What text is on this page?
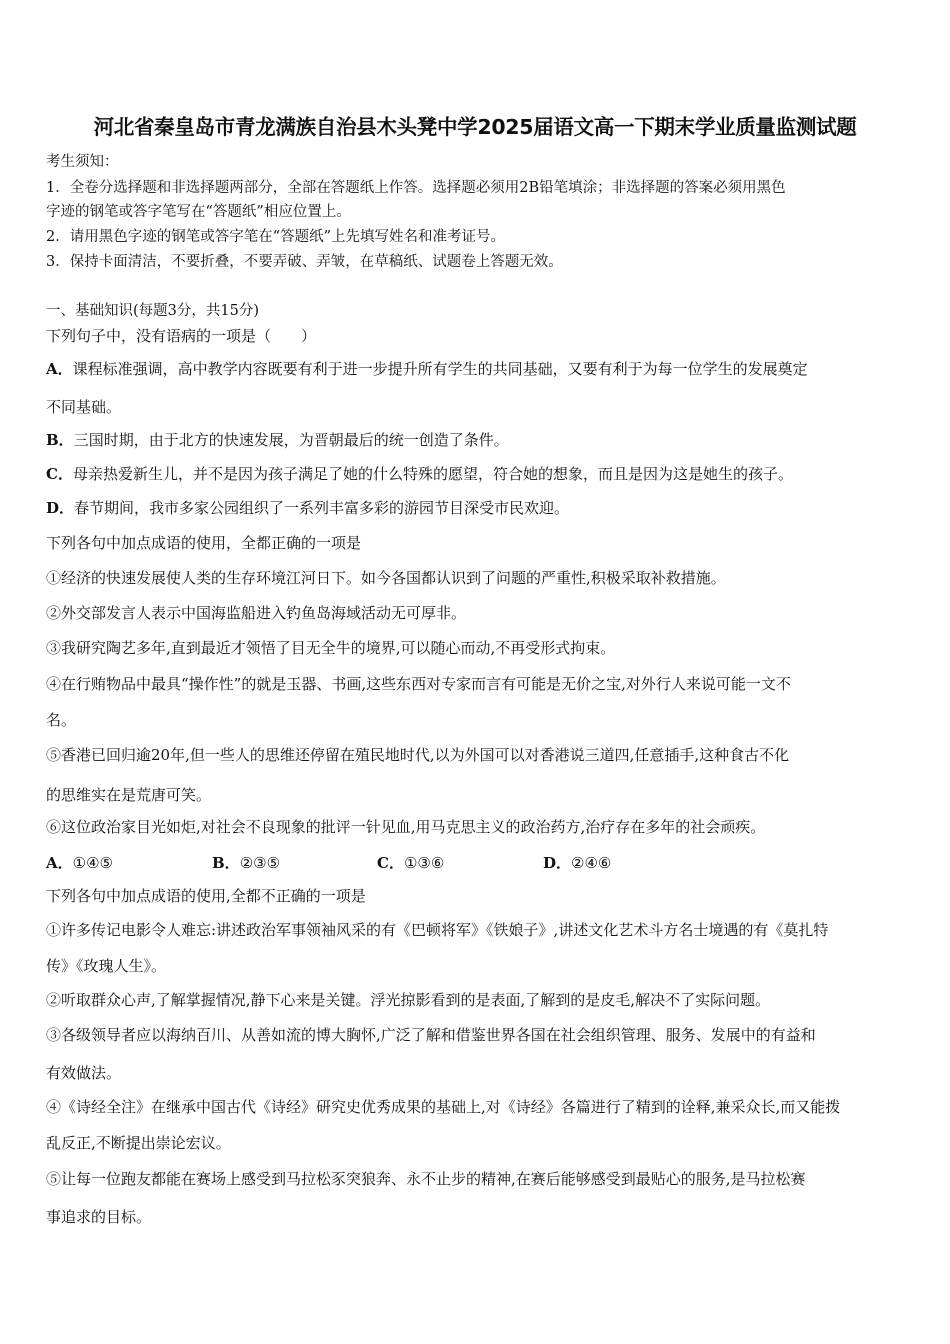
河北省秦皇岛市青龙满族自治县木头凳中学2025届语文高一下期末学业质量监测试题
考生须知：
1．全卷分选择题和非选择题两部分，全部在答题纸上作答。选择题必须用2B铅笔填涂；非选择题的答案必须用黑色
字迹的钢笔或答字笔写在“答题纸”相应位置上。
2．请用黑色字迹的钢笔或答字笔在“答题纸”上先填写姓名和准考证号。
3．保持卡面清洁，不要折叠，不要弄破、弄皱，在草稿纸、试题卷上答题无效。
一、基础知识(每题3分，共15分)
下列句子中，没有语病的一项是（　　）
A．课程标准强调，高中教学内容既要有利于进一步提升所有学生的共同基础，又要有利于为每一位学生的发展奠定
不同基础。
B．三国时期，由于北方的快速发展，为晋朝最后的统一创造了条件。
C．母亲热爱新生儿，并不是因为孩子满足了她的什么特殊的愿望，符合她的想象，而且是因为这是她生的孩子。
D．春节期间，我市多家公园组织了一系列丰富多彩的游园节目深受市民欢迎。
下列各句中加点成语的使用，全都正确的一项是
①经济的快速发展使人类的生存环境江河日下。如今各国都认识到了问题的严重性,积极采取补救措施。
②外交部发言人表示中国海监船进入钓鱼岛海域活动无可厚非。
③我研究陶艺多年,直到最近才领悟了目无全牛的境界,可以随心而动,不再受形式拘束。
④在行贿物品中最具“操作性”的就是玉器、书画,这些东西对专家而言有可能是无价之宝,对外行人来说可能一文不
名。
⑤香港已回归逾20年,但一些人的思维还停留在殖民地时代,以为外国可以对香港说三道四,任意插手,这种食古不化
的思维实在是荒唐可笑。
⑥这位政治家目光如炬,对社会不良现象的批评一针见血,用马克思主义的政治药方,治疗存在多年的社会顽疾。
A．①④⑤	B．②③⑤	C．①③⑥	D．②④⑥
下列各句中加点成语的使用,全都不正确的一项是
①许多传记电影令人难忘:讲述政治军事领袖风采的有《巴顿将军》《铁娘子》,讲述文化艺术斗方名士境遇的有《莫扎特
传》《玫瑰人生》。
②听取群众心声,了解掌握情况,静下心来是关键。浮光掠影看到的是表面,了解到的是皮毛,解决不了实际问题。
③各级领导者应以海纳百川、从善如流的博大胸怀,广泛了解和借鉴世界各国在社会组织管理、服务、发展中的有益和
有效做法。
④《诗经全注》在继承中国古代《诗经》研究史优秀成果的基础上,对《诗经》各篇进行了精到的诠释,兼采众长,而又能拨
乱反正,不断提出崇论宏议。
⑤让每一位跑友都能在赛场上感受到马拉松豕突狼奔、永不止步的精神,在赛后能够感受到最贴心的服务,是马拉松赛
事追求的目标。
